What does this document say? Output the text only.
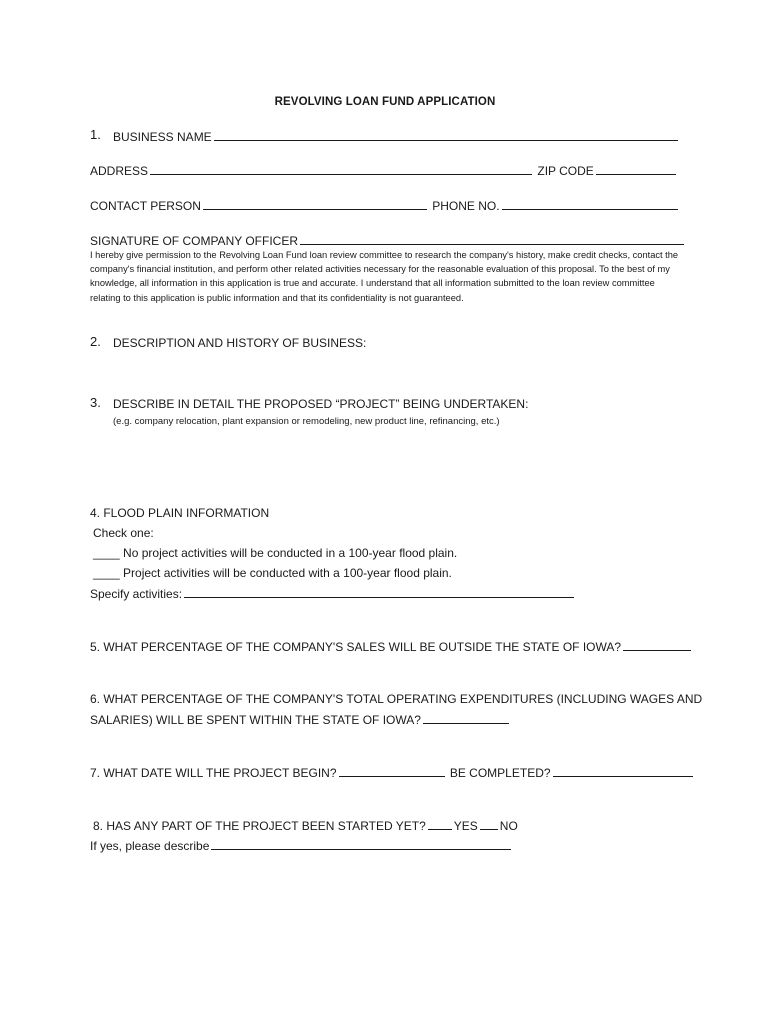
REVOLVING LOAN FUND APPLICATION
1. BUSINESS NAME
ADDRESS	ZIP CODE
CONTACT PERSON	PHONE NO.
SIGNATURE OF COMPANY OFFICER
I hereby give permission to the Revolving Loan Fund loan review committee to research the company's history, make credit checks, contact the company's financial institution, and perform other related activities necessary for the reasonable evaluation of this proposal. To the best of my knowledge, all information in this application is true and accurate. I understand that all information submitted to the loan review committee relating to this application is public information and that its confidentiality is not guaranteed.
2. DESCRIPTION AND HISTORY OF BUSINESS:
3. DESCRIBE IN DETAIL THE PROPOSED “PROJECT” BEING UNDERTAKEN:
(e.g. company relocation, plant expansion or remodeling, new product line, refinancing, etc.)
4. FLOOD PLAIN INFORMATION
Check one:
____ No project activities will be conducted in a 100-year flood plain.
____ Project activities will be conducted with a 100-year flood plain.
Specify activities:
5. WHAT PERCENTAGE OF THE COMPANY'S SALES WILL BE OUTSIDE THE STATE OF IOWA?
6. WHAT PERCENTAGE OF THE COMPANY'S TOTAL OPERATING EXPENDITURES (INCLUDING WAGES AND
SALARIES) WILL BE SPENT WITHIN THE STATE OF IOWA?
7. WHAT DATE WILL THE PROJECT BEGIN?	BE COMPLETED?
8. HAS ANY PART OF THE PROJECT BEEN STARTED YET? YES NO
If yes, please describe
